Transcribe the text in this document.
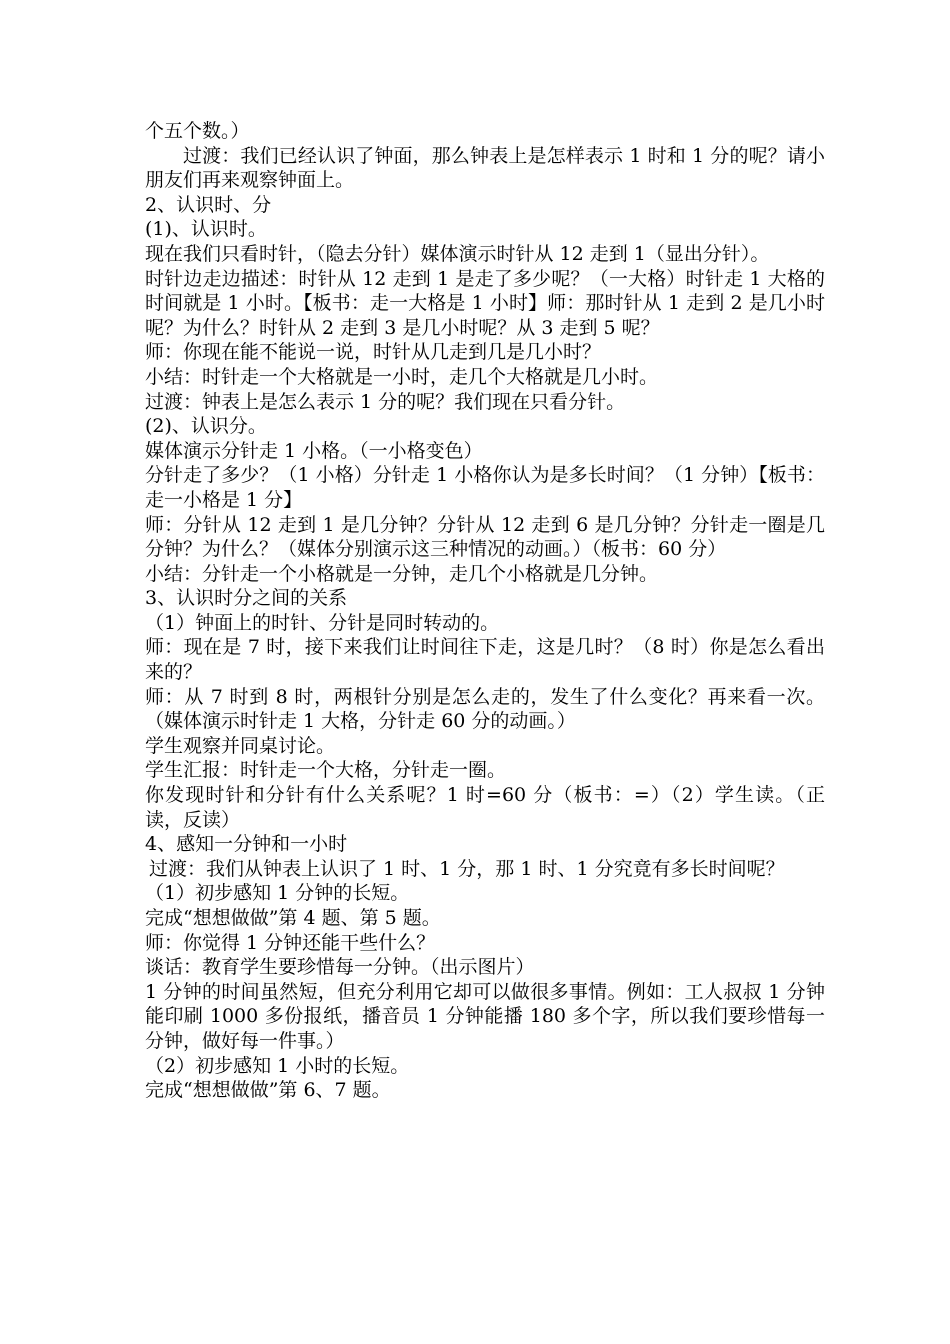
个五个数。）

过渡：我们已经认识了钟面，那么钟表上是怎样表示 1 时和 1 分的呢？请小朋友们再来观察钟面上。

2、认识时、分

(1)、认识时。

现在我们只看时针，（隐去分针）媒体演示时针从 12 走到 1（显出分针）。

时针边走边描述：时针从 12 走到 1 是走了多少呢？（一大格）时针走 1 大格的时间就是 1 小时。【板书：走一大格是 1 小时】师：那时针从 1 走到 2 是几小时呢？为什么？时针从 2 走到 3 是几小时呢？从 3 走到 5 呢？

师：你现在能不能说一说，时针从几走到几是几小时？

小结：时针走一个大格就是一小时，走几个大格就是几小时。

过渡：钟表上是怎么表示 1 分的呢？我们现在只看分针。

(2)、认识分。

媒体演示分针走 1 小格。（一小格变色）

分针走了多少？（1 小格）分针走 1 小格你认为是多长时间？（1 分钟）【板书：走一小格是 1 分】

师：分针从 12 走到 1 是几分钟？分针从 12 走到 6 是几分钟？分针走一圈是几分钟？为什么？（媒体分别演示这三种情况的动画。）（板书：60 分）

小结：分针走一个小格就是一分钟，走几个小格就是几分钟。

3、认识时分之间的关系

（1）钟面上的时针、分针是同时转动的。

师：现在是 7 时，接下来我们让时间往下走，这是几时？（8 时）你是怎么看出来的？

师：从 7 时到 8 时，两根针分别是怎么走的，发生了什么变化？再来看一次。（媒体演示时针走 1 大格，分针走 60 分的动画。）

学生观察并同桌讨论。

学生汇报：时针走一个大格，分针走一圈。

你发现时针和分针有什么关系呢？1 时=60 分（板书：=）（2）学生读。（正读，反读）

4、感知一分钟和一小时

过渡：我们从钟表上认识了 1 时、1 分，那 1 时、1 分究竟有多长时间呢？

（1）初步感知 1 分钟的长短。

完成“想想做做”第 4 题、第 5 题。

师：你觉得 1 分钟还能干些什么？

谈话：教育学生要珍惜每一分钟。（出示图片）

1 分钟的时间虽然短，但充分利用它却可以做很多事情。例如：工人叔叔 1 分钟能印刷 1000 多份报纸，播音员 1 分钟能播 180 多个字，所以我们要珍惜每一分钟，做好每一件事。）

（2）初步感知 1 小时的长短。

完成“想想做做”第 6、7 题。
